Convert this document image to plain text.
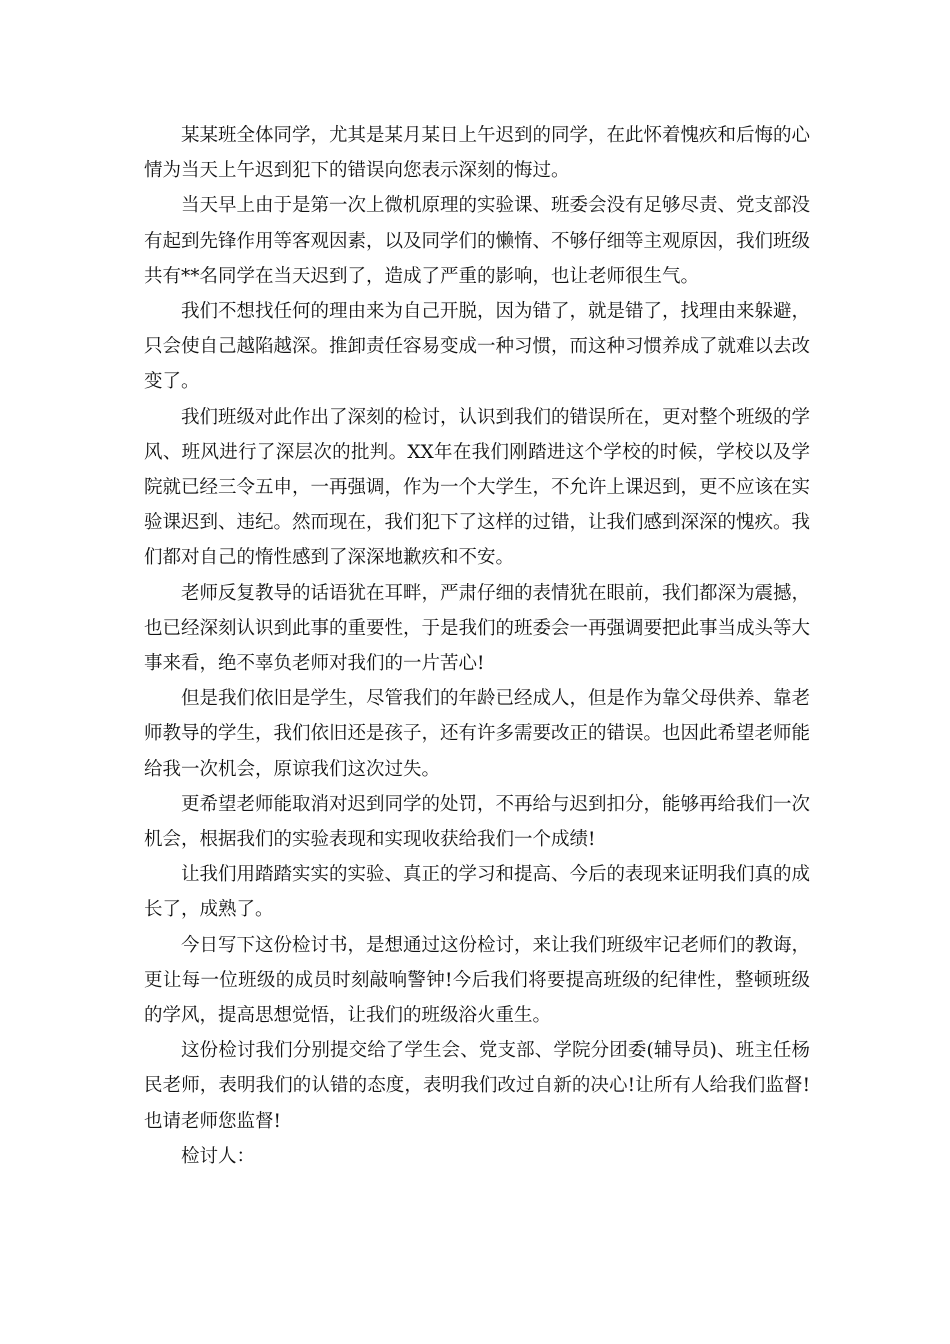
某某班全体同学，尤其是某月某日上午迟到的同学，在此怀着愧疚和后悔的心情为当天上午迟到犯下的错误向您表示深刻的悔过。

当天早上由于是第一次上微机原理的实验课、班委会没有足够尽责、党支部没有起到先锋作用等客观因素，以及同学们的懒惰、不够仔细等主观原因，我们班级共有**名同学在当天迟到了，造成了严重的影响，也让老师很生气。

我们不想找任何的理由来为自己开脱，因为错了，就是错了，找理由来躲避，只会使自己越陷越深。推卸责任容易变成一种习惯，而这种习惯养成了就难以去改变了。

我们班级对此作出了深刻的检讨，认识到我们的错误所在，更对整个班级的学风、班风进行了深层次的批判。XX年在我们刚踏进这个学校的时候，学校以及学院就已经三令五申，一再强调，作为一个大学生，不允许上课迟到，更不应该在实验课迟到、违纪。然而现在，我们犯下了这样的过错，让我们感到深深的愧疚。我们都对自己的惰性感到了深深地歉疚和不安。

老师反复教导的话语犹在耳畔，严肃仔细的表情犹在眼前，我们都深为震撼，也已经深刻认识到此事的重要性，于是我们的班委会一再强调要把此事当成头等大事来看，绝不辜负老师对我们的一片苦心!

但是我们依旧是学生，尽管我们的年龄已经成人，但是作为靠父母供养、靠老师教导的学生，我们依旧还是孩子，还有许多需要改正的错误。也因此希望老师能给我一次机会，原谅我们这次过失。

更希望老师能取消对迟到同学的处罚，不再给与迟到扣分，能够再给我们一次机会，根据我们的实验表现和实现收获给我们一个成绩!

让我们用踏踏实实的实验、真正的学习和提高、今后的表现来证明我们真的成长了，成熟了。

今日写下这份检讨书，是想通过这份检讨，来让我们班级牢记老师们的教诲，更让每一位班级的成员时刻敲响警钟!今后我们将要提高班级的纪律性，整顿班级的学风，提高思想觉悟，让我们的班级浴火重生。

这份检讨我们分别提交给了学生会、党支部、学院分团委(辅导员)、班主任杨民老师，表明我们的认错的态度，表明我们改过自新的决心!让所有人给我们监督!也请老师您监督!

检讨人：
